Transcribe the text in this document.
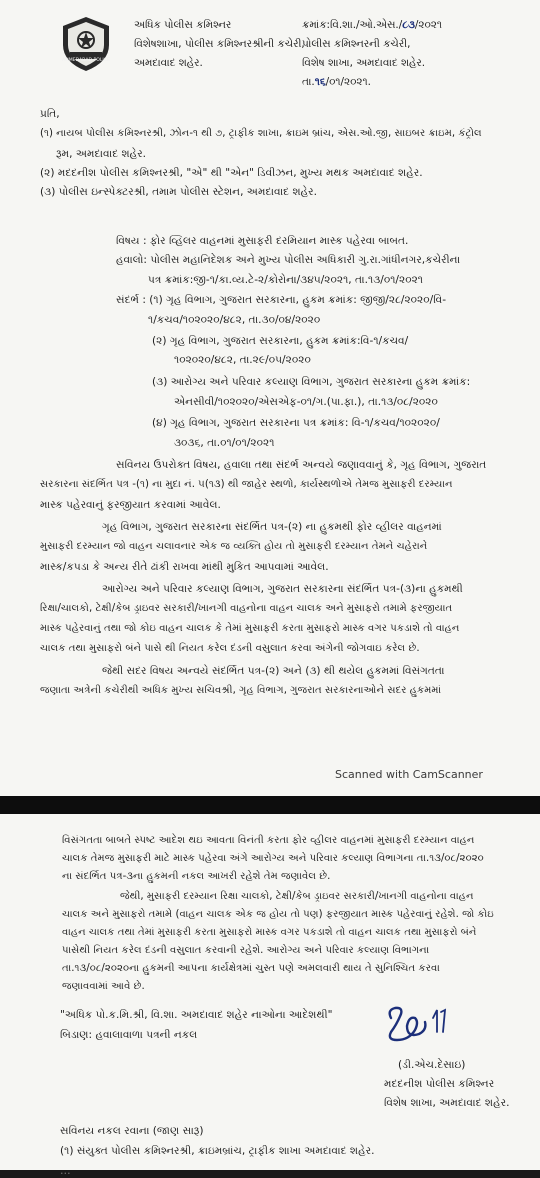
AHMEDABAD POLICE
અધિક પોલીસ કમિશ્નર
વિશેષશાખા, પોલીસ કમિશ્નરશ્રીની કચેરી,
અમદાવાદ શહેર.
ક્રમાંક:વિ.શા./ઓ.એસ./૮૩/૨૦૨૧
પોલીસ કમિશ્નરની કચેરી,
વિશેષ શાખા, અમદાવાદ શહેર.
તા.૧૬/૦૧/૨૦૨૧.
પ્રતિ,
(૧) નાયબ પોલીસ કમિશ્નરશ્રી, ઝોન-૧ થી ૭, ટ્રાફીક શાખા, ક્રાઇમ બ્રાંચ, એસ.ઓ.જી, સાઇબર ક્રાઇમ, કંટ્રોલ
રૂમ, અમદાવાદ શહેર.
(૨) મદદનીશ પોલીસ કમિશ્નરશ્રી, "એ" થી "એન" ડિવીઝન, મુખ્ય મથક અમદાવાદ શહેર.
(૩) પોલીસ ઇન્સ્પેક્ટરશ્રી, તમામ પોલીસ સ્ટેશન, અમદાવાદ શહેર.
વિષય : ફોર વ્હિલર વાહનમાં મુસાફરી દરમિયાન માસ્ક પહેરવા બાબત.
હવાલો: પોલીસ મહાનિદેશક અને મુખ્ય પોલીસ અધિકારી ગુ.રા.ગાંધીનગર,કચેરીના
પત્ર ક્રમાંક:જી-૧/કા.વ્ય.ટે-૨/કોરોના/૩૪૫/૨૦૨૧, તા.૧૩/૦૧/૨૦૨૧
સંદર્ભ : (૧) ગૃહ વિભાગ, ગુજરાત સરકારના, હુકમ ક્રમાંક: જીજી/૨૮/૨૦૨૦/વિ-
૧/કચવ/૧૦૨૦૨૦/૪૮૨, તા.૩૦/૦૪/૨૦૨૦
(૨) ગૃહ વિભાગ, ગુજરાત સરકારના, હુકમ ક્રમાંક:વિ-૧/કચવ/
૧૦૨૦૨૦/૪૮૨, તા.૨૯/૦૫/૨૦૨૦
(૩) આરોગ્ય અને પરિવાર કલ્યાણ વિભાગ, ગુજરાત સરકારના હુકમ ક્રમાંક:
એનસીવી/૧૦૨૦૨૦/એસએફ-૦૧/ગ.(પા.ફા.), તા.૧૩/૦૮/૨૦૨૦
(૪) ગૃહ વિભાગ, ગુજરાત સરકારના પત્ર ક્રમાંક: વિ-૧/કચવ/૧૦૨૦૨૦/
૩૦૩૬, તા.૦૧/૦૧/૨૦૨૧
સવિનય ઉપરોક્ત વિષય, હવાલા તથા સંદર્ભ અન્વયે જણાવવાનું કે, ગૃહ વિભાગ, ગુજરાત
સરકારના સંદર્ભિત પત્ર -(૧) ના મુદા નં. ૫(૧૩) થી જાહેર સ્થળો, કાર્યસ્થળોએ તેમજ મુસાફરી દરમ્યાન
માસ્ક પહેરવાનું ફરજીયાત કરવામાં આવેલ.
ગૃહ વિભાગ, ગુજરાત સરકારના સંદર્ભિત પત્ર-(૨) ના હુકમથી ફોર વ્હીલર વાહનમાં
મુસાફરી દરમ્યાન જો વાહન ચલાવનાર એક જ વ્યક્તિ હોય તો મુસાફરી દરમ્યાન તેમને ચહેરાને
માસ્ક/કપડા કે અન્ય રીતે ઢાંકી રાખવા માંથી મુકિત આપવામાં આવેલ.
આરોગ્ય અને પરિવાર કલ્યાણ વિભાગ, ગુજરાત સરકારના સંદર્ભિત પત્ર-(૩)ના હુકમથી
રિક્ષા/ચાલકો, ટેક્ષી/કેબ ડ્રાઇવર સરકારી/ખાનગી વાહનોના વાહન ચાલક અને મુસાફરો તમામે ફરજીયાત
માસ્ક પહેરવાનું તથા જો કોઇ વાહન ચાલક કે તેમાં મુસાફરી કરતા મુસાફરો માસ્ક વગર પકડાશે તો વાહન
ચાલક તથા મુસાફરો બંને પાસે થી નિયત કરેલ દંડની વસુલાત કરવા અંગેની જોગવાઇ કરેલ છે.
જેથી સદર વિષય અન્વયે સંદર્ભિત પત્ર-(૨) અને (૩) થી થયેલ હુકમમાં વિસંગતતા
જણાતા અત્રેની કચેરીથી અધિક મુખ્ય સચિવશ્રી, ગૃહ વિભાગ, ગુજરાત સરકારનાઓને સદર હુકમમાં
Scanned with CamScanner
વિસંગતતા બાબતે સ્પષ્ટ આદેશ થઇ આવતા વિનંતી કરતા ફોર વ્હીલર વાહનમાં મુસાફરી દરમ્યાન વાહન
ચાલક તેમજ મુસાફરી માટે માસ્ક પહેરવા અંગે આરોગ્ય અને પરિવાર કલ્યાણ વિભાગના તા.૧૩/૦૮/૨૦૨૦
ના સંદર્ભિત પત્ર-૩ના હુકમની નકલ આખરી રહેશે તેમ જણાવેલ છે.
જેથી, મુસાફરી દરમ્યાન રિક્ષા ચાલકો, ટેક્ષી/કેબ ડ્રાઇવર સરકારી/ખાનગી વાહનોના વાહન
ચાલક અને મુસાફરો તમામે (વાહન ચાલક એક જ હોય તો પણ) ફરજીયાત માસ્ક પહેરવાનું રહેશે. જો કોઇ
વાહન ચાલક તથા તેમાં મુસાફરી કરતા મુસાફરો માસ્ક વગર પકડાશે તો વાહન ચાલક તથા મુસાફરો બંને
પાસેથી નિયત કરેલ દંડની વસુલાત કરવાની રહેશે. આરોગ્ય અને પરિવાર કલ્યાણ વિભાગના
તા.૧૩/૦૮/૨૦૨૦ના હુકમની આપના કાર્યક્ષેત્રમાં ચુસ્ત પણે અમલવારી થાય તે સુનિશ્ચિત કરવા
જણાવવામાં આવે છે.
"અધિક પો.ક.મિ.શ્રી, વિ.શા. અમદાવાદ શહેર નાઓના આદેશથી"
બિડાણ: હવાલાવાળા પત્રની નકલ
(ડી.એચ.દેસાઇ)
મદદનીશ પોલીસ કમિશ્નર
વિશેષ શાખા, અમદાવાદ શહેર.
સવિનય નકલ રવાના (જાણ સારૂ)
(૧) સંયુક્ત પોલીસ કમિશ્નરશ્રી, ક્રાઇમબ્રાંચ, ટ્રાફીક શાખા અમદાવાદ શહેર.
…
